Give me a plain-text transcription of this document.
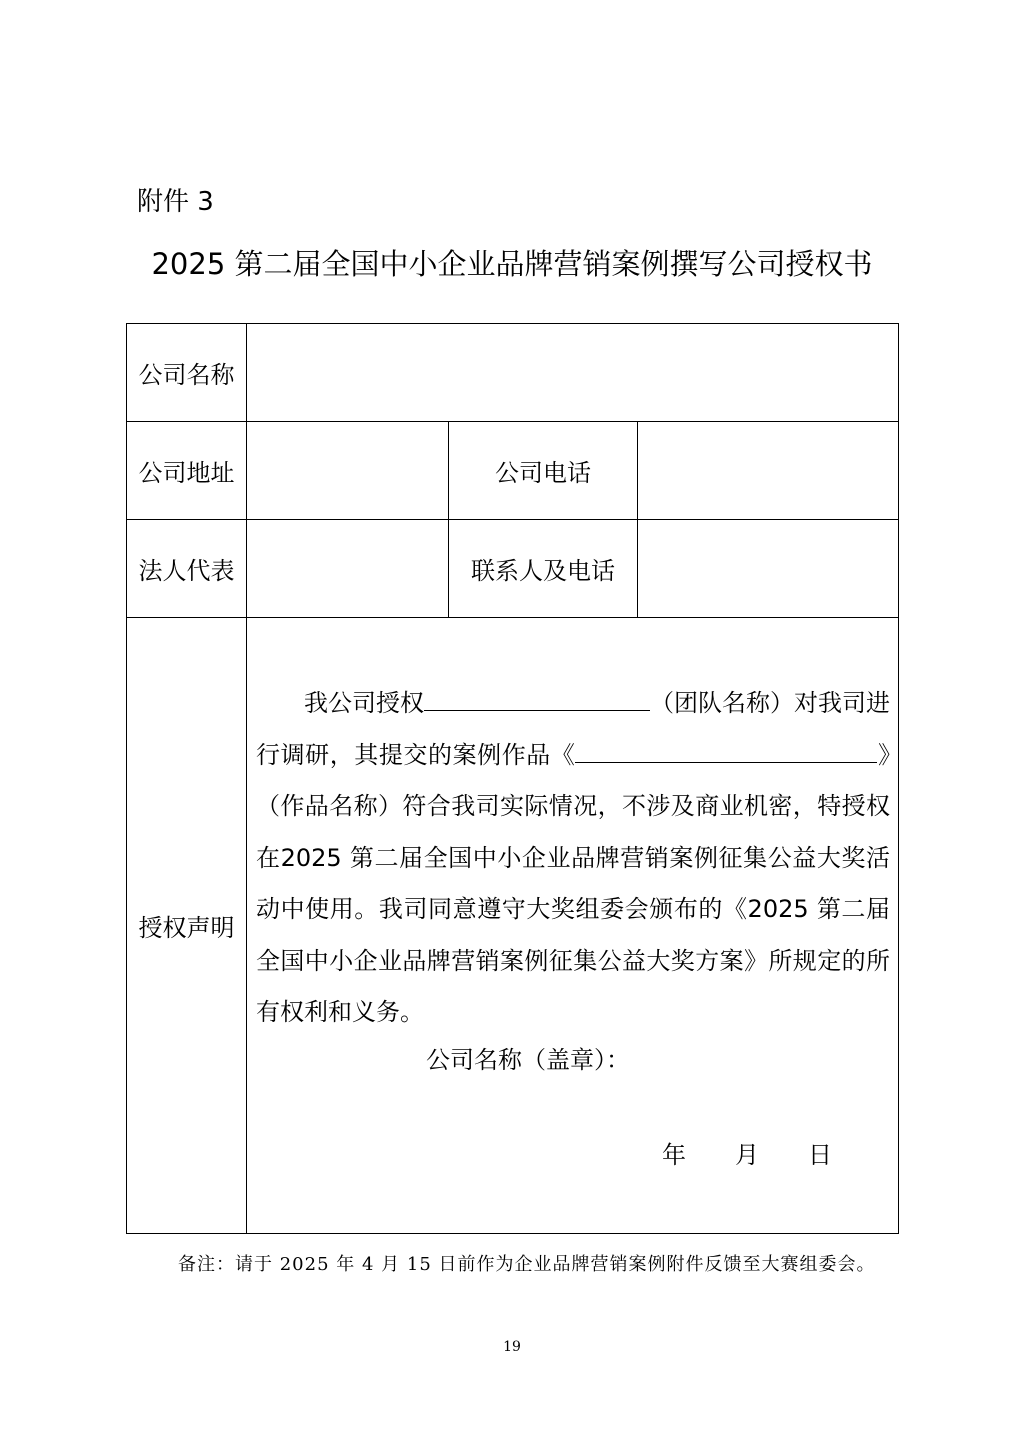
附件 3
2025 第二届全国中小企业品牌营销案例撰写公司授权书
公司名称			
公司地址		公司电话	
法人代表		联系人及电话	
授权声明	我公司授权 （团队名称）对我司进行调研，其提交的案例作品《 》（作品名称）符合我司实际情况，不涉及商业机密，特授权在2025 第二届全国中小企业品牌营销案例征集公益大奖活动中使用。我司同意遵守大奖组委会颁布的《2025 第二届全国中小企业品牌营销案例征集公益大奖方案》所规定的所有权利和义务。		
公司名称（盖章）：
年 月 日
备注：请于 2025 年 4 月 15 日前作为企业品牌营销案例附件反馈至大赛组委会。
19
